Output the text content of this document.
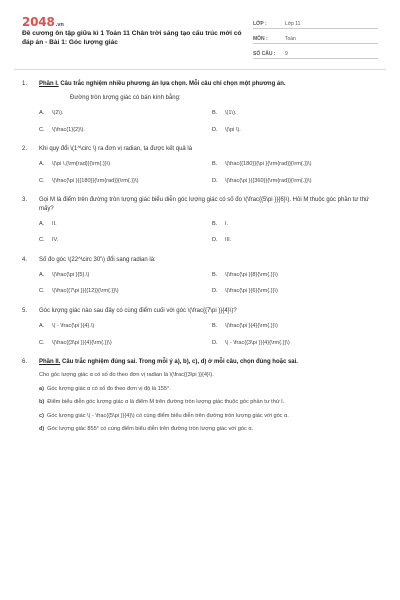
2048.vn
Đề cương ôn tập giữa kì 1 Toán 11 Chân trời sáng tạo cấu trúc mới có đáp án - Bài 1: Góc lượng giác
LỚP :	Lớp 11
MÔN :	Toán
SỐ CÂU :	9
1.	Phần I. Câu trắc nghiệm nhiều phương án lựa chọn. Mỗi câu chỉ chọn một phương án.
Đường tròn lượng giác có bán kính bằng:
A.	\(2\).	B.	\(1\).
C.	\(\frac{1}{2}\).	D.	\(\pi \).
2.	Khi quy đổi \(1^\circ \) ra đơn vị radian, ta được kết quả là
A.	\(\pi \,{\rm{rad}}{\rm{.}}\)	B.	\(\frac{{180}}{\pi }{\rm{rad}}{\rm{.}}\)
C.	\(\frac{\pi }{{180}}{\rm{rad}}{\rm{.}}\)	D.	\(\frac{\pi }{{360}}{\rm{rad}}{\rm{.}}\)
3.	Gọi M là điểm trên đường tròn lượng giác biểu diễn góc lượng giác có số đo \(\frac{{5\pi }}{6}\). Hỏi M thuộc góc phần tư thứ mấy?
A.	II.	B.	I.
C.	IV.	D.	III.
4.	Số đo góc \(22^\circ 30'\) đổi sang radian là:
A.	\(\frac{\pi }{5}.\)	B.	\(\frac{\pi }{8}{\rm{.}}\)
C.	\(\frac{{7\pi }}{{12}}{\rm{.}}\)	D.	\(\frac{\pi }{6}{\rm{.}}\)
5.	Góc lượng giác nào sau đây có cùng điểm cuối với góc \(\frac{{7\pi }}{4}\)?
A.	\( - \frac{\pi }{4}.\)	B.	\(\frac{\pi }{4}{\rm{.}}\)
C.	\(\frac{{3\pi }}{4}{\rm{.}}\)	D.	\( - \frac{{3\pi }}{4}{\rm{.}}\)
6.	Phần II. Câu trắc nghiệm đúng sai. Trong mỗi ý a), b), c), d) ở mỗi câu, chọn đúng hoặc sai.
Cho góc lượng giác α có số đo theo đơn vị radian là \(\frac{{3\pi }}{4}\).
a) Góc lượng giác α có số đo theo đơn vị độ là 155°.
b) Điểm biểu diễn góc lượng giác α là điểm M trên đường tròn lượng giác thuộc góc phần tư thứ I.
c) Góc lượng giác \( - \frac{{5\pi }}{4}\) có cùng điểm biểu diễn trên đường tròn lượng giác với góc α.
d) Góc lượng giác 855° có cùng điểm biểu diễn trên đường tròn lượng giác với góc α.
